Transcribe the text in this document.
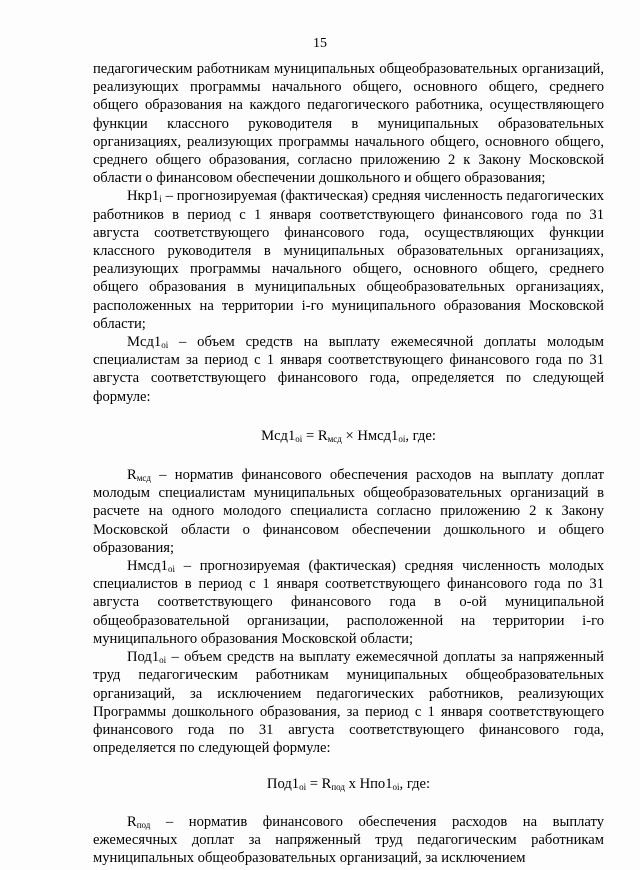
15

педагогическим работникам муниципальных общеобразовательных организаций, реализующих программы начального общего, основного общего, среднего общего образования на каждого педагогического работника, осуществляющего функции классного руководителя в муниципальных образовательных организациях, реализующих программы начального общего, основного общего, среднего общего образования, согласно приложению 2 к Закону Московской области о финансовом обеспечении дошкольного и общего образования;

$Нкр1_i$ – прогнозируемая (фактическая) средняя численность педагогических работников в период с 1 января соответствующего финансового года по 31 августа соответствующего финансового года, осуществляющих функции классного руководителя в муниципальных образовательных организациях, реализующих программы начального общего, основного общего, среднего общего образования в муниципальных общеобразовательных организациях, расположенных на территории i-го муниципального образования Московской области;

$Мсд1_{oi}$ – объем средств на выплату ежемесячной доплаты молодым специалистам за период с 1 января соответствующего финансового года по 31 августа соответствующего финансового года, определяется по следующей формуле:

$Мсд1_{oi} = R_{мсд}$ × $Нмсд1_{oi}$, где:

$R_{мсд}$ – норматив финансового обеспечения расходов на выплату доплат молодым специалистам муниципальных общеобразовательных организаций в расчете на одного молодого специалиста согласно приложению 2 к Закону Московской области о финансовом обеспечении дошкольного и общего образования;

$Нмсд1_{oi}$ – прогнозируемая (фактическая) средняя численность молодых специалистов в период с 1 января соответствующего финансового года по 31 августа соответствующего финансового года в о-ой муниципальной общеобразовательной организации, расположенной на территории i-го муниципального образования Московской области;

$Под1_{oi}$ – объем средств на выплату ежемесячной доплаты за напряженный труд педагогическим работникам муниципальных общеобразовательных организаций, за исключением педагогических работников, реализующих Программы дошкольного образования, за период с 1 января соответствующего финансового года по 31 августа соответствующего финансового года, определяется по следующей формуле:

$Под1_{oi} = R_{под}$ х $Нпо1_{oi}$, где:

$R_{под}$ – норматив финансового обеспечения расходов на выплату ежемесячных доплат за напряженный труд педагогическим работникам муниципальных общеобразовательных организаций, за исключением
